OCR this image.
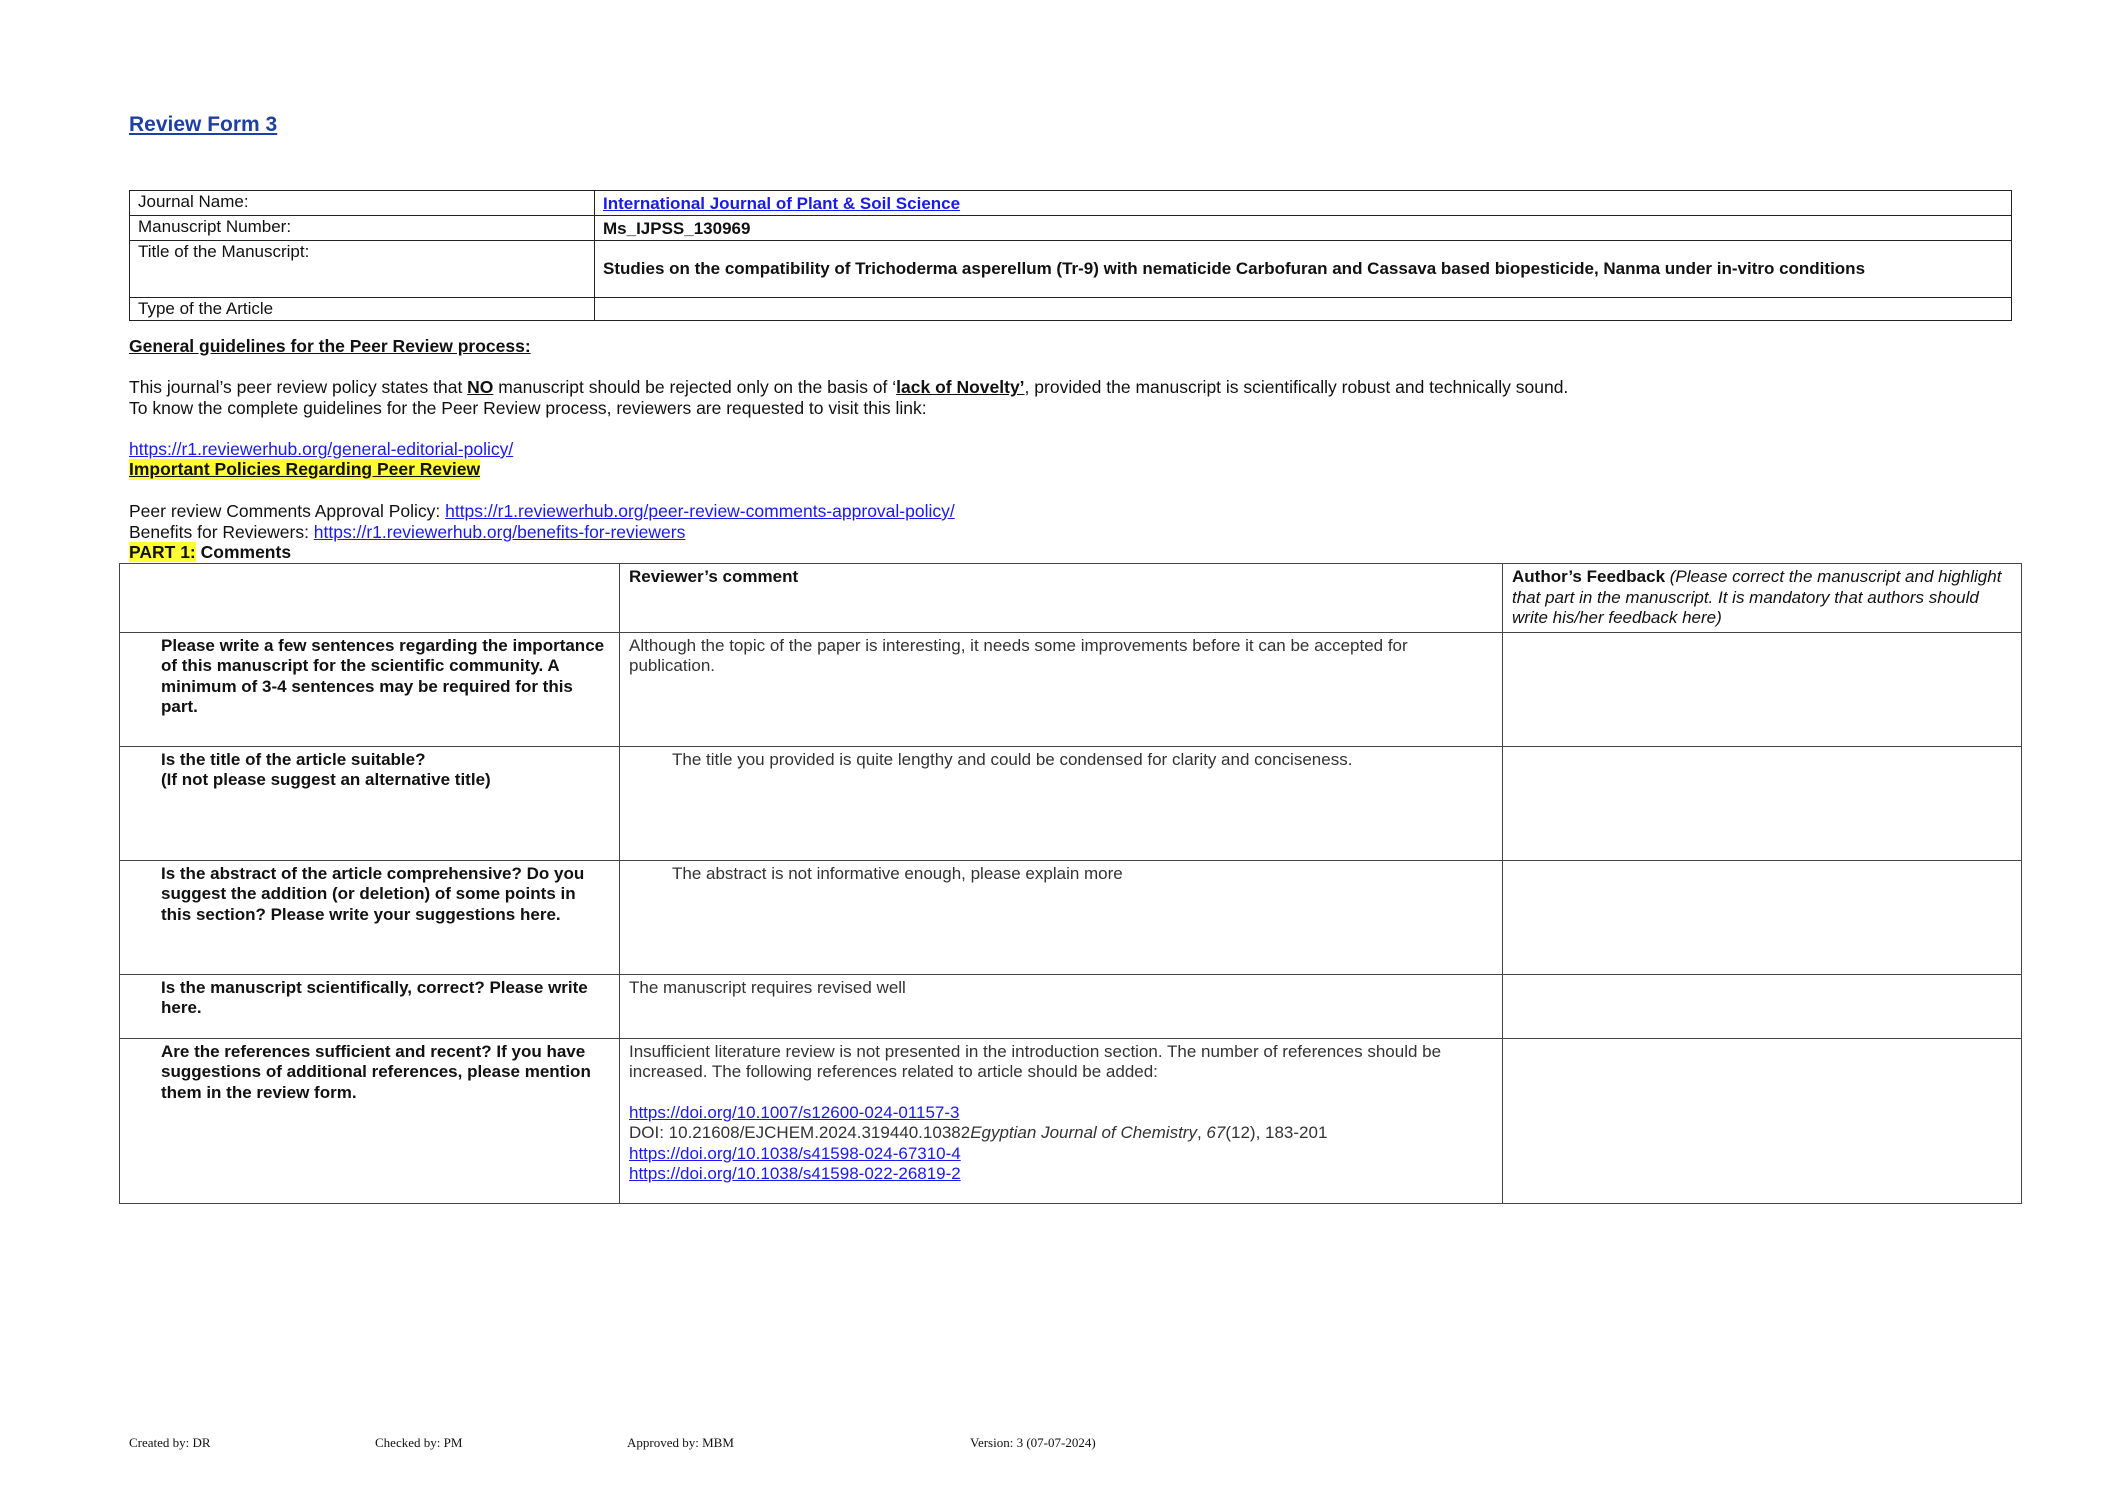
Review Form 3
Journal Name:	International Journal of Plant & Soil Science
Manuscript Number:	Ms_IJPSS_130969
Title of the Manuscript:	Studies on the compatibility of Trichoderma asperellum (Tr-9) with nematicide Carbofuran and Cassava based biopesticide, Nanma under in-vitro conditions
Type of the Article	
General guidelines for the Peer Review process:
This journal’s peer review policy states that NO manuscript should be rejected only on the basis of ‘lack of Novelty’, provided the manuscript is scientifically robust and technically sound.
To know the complete guidelines for the Peer Review process, reviewers are requested to visit this link:
https://r1.reviewerhub.org/general-editorial-policy/
Important Policies Regarding Peer Review
Peer review Comments Approval Policy: https://r1.reviewerhub.org/peer-review-comments-approval-policy/
Benefits for Reviewers: https://r1.reviewerhub.org/benefits-for-reviewers
PART 1: Comments
	Reviewer’s comment	Author’s Feedback (Please correct the manuscript and highlight that part in the manuscript. It is mandatory that authors should write his/her feedback here)
Please write a few sentences regarding the importance of this manuscript for the scientific community. A minimum of 3-4 sentences may be required for this part.	Although the topic of the paper is interesting, it needs some improvements before it can be accepted for publication.	

Is the title of the article suitable?
(If not please suggest an alternative title)	The title you provided is quite lengthy and could be condensed for clarity and conciseness.	
Is the abstract of the article comprehensive? Do you suggest the addition (or deletion) of some points in this section? Please write your suggestions here.	The abstract is not informative enough, please explain more	
Is the manuscript scientifically, correct? Please write here.	The manuscript requires revised well	
Are the references sufficient and recent? If you have suggestions of additional references, please mention them in the review form.	Insufficient literature review is not presented in the introduction section. The number of references should be increased. The following references related to article should be added:
https://doi.org/10.1007/s12600-024-01157-3
DOI: 10.21608/EJCHEM.2024.319440.10382Egyptian Journal of Chemistry, 67(12), 183-201
https://doi.org/10.1038/s41598-024-67310-4
https://doi.org/10.1038/s41598-022-26819-2	

Created by: DR	Checked by: PM	Approved by: MBM	Version: 3 (07-07-2024)
